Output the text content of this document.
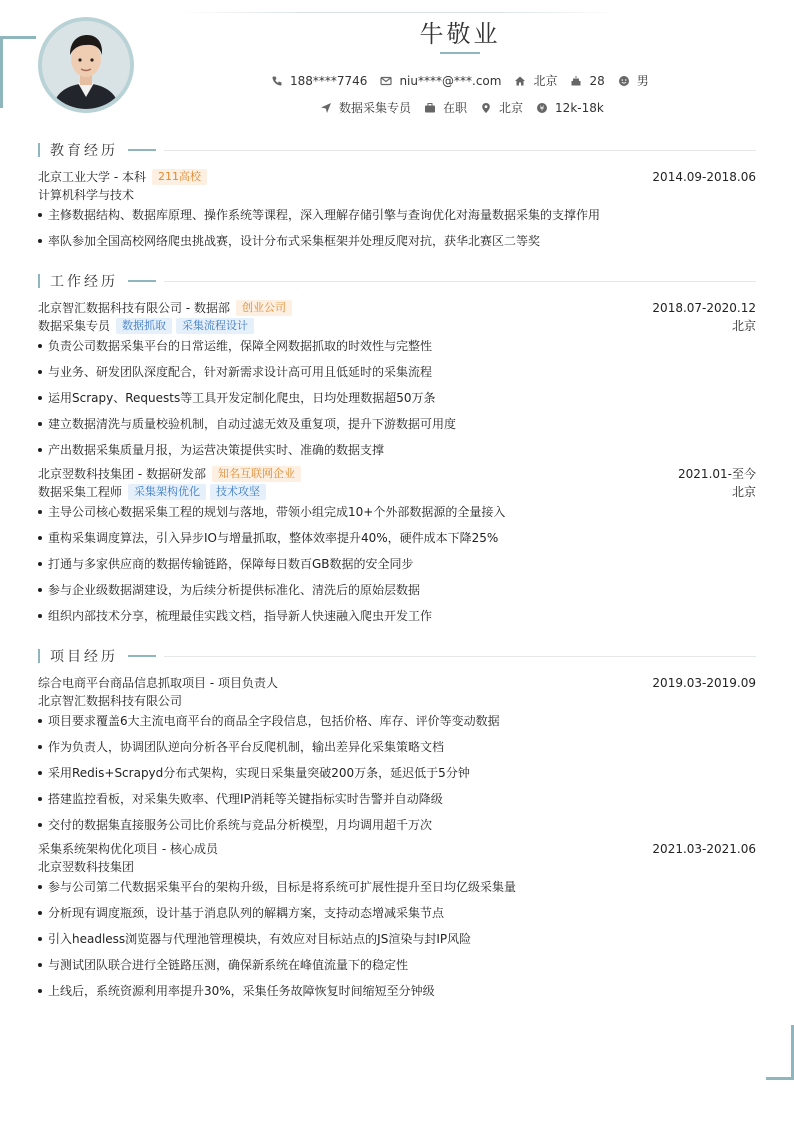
牛敬业
188****7746	niu****@***.com	北京	28	男
数据采集专员	在职	北京 ¥ 12k-18k
教育经历
北京工业大学 - 本科	211高校	2014.09-2018.06
计算机科学与技术
主修数据结构、数据库原理、操作系统等课程，深入理解存储引擎与查询优化对海量数据采集的支撑作用
率队参加全国高校网络爬虫挑战赛，设计分布式采集框架并处理反爬对抗，获华北赛区二等奖
工作经历
北京智汇数据科技有限公司 - 数据部	创业公司	2018.07-2020.12
数据采集专员	数据抓取	采集流程设计	北京
负责公司数据采集平台的日常运维，保障全网数据抓取的时效性与完整性
与业务、研发团队深度配合，针对新需求设计高可用且低延时的采集流程
运用Scrapy、Requests等工具开发定制化爬虫，日均处理数据超50万条
建立数据清洗与质量校验机制，自动过滤无效及重复项，提升下游数据可用度
产出数据采集质量月报，为运营决策提供实时、准确的数据支撑
北京翌数科技集团 - 数据研发部	知名互联网企业	2021.01-至今
数据采集工程师	采集架构优化	技术攻坚	北京
主导公司核心数据采集工程的规划与落地，带领小组完成10+个外部数据源的全量接入
重构采集调度算法，引入异步IO与增量抓取，整体效率提升40%，硬件成本下降25%
打通与多家供应商的数据传输链路，保障每日数百GB数据的安全同步
参与企业级数据湖建设，为后续分析提供标准化、清洗后的原始层数据
组织内部技术分享，梳理最佳实践文档，指导新人快速融入爬虫开发工作
项目经历
综合电商平台商品信息抓取项目 - 项目负责人	2019.03-2019.09
北京智汇数据科技有限公司
项目要求覆盖6大主流电商平台的商品全字段信息，包括价格、库存、评价等变动数据
作为负责人，协调团队逆向分析各平台反爬机制，输出差异化采集策略文档
采用Redis+Scrapyd分布式架构，实现日采集量突破200万条，延迟低于5分钟
搭建监控看板，对采集失败率、代理IP消耗等关键指标实时告警并自动降级
交付的数据集直接服务公司比价系统与竞品分析模型，月均调用超千万次
采集系统架构优化项目 - 核心成员	2021.03-2021.06
北京翌数科技集团
参与公司第二代数据采集平台的架构升级，目标是将系统可扩展性提升至日均亿级采集量
分析现有调度瓶颈，设计基于消息队列的解耦方案，支持动态增减采集节点
引入headless浏览器与代理池管理模块，有效应对目标站点的JS渲染与封IP风险
与测试团队联合进行全链路压测，确保新系统在峰值流量下的稳定性
上线后，系统资源利用率提升30%，采集任务故障恢复时间缩短至分钟级
